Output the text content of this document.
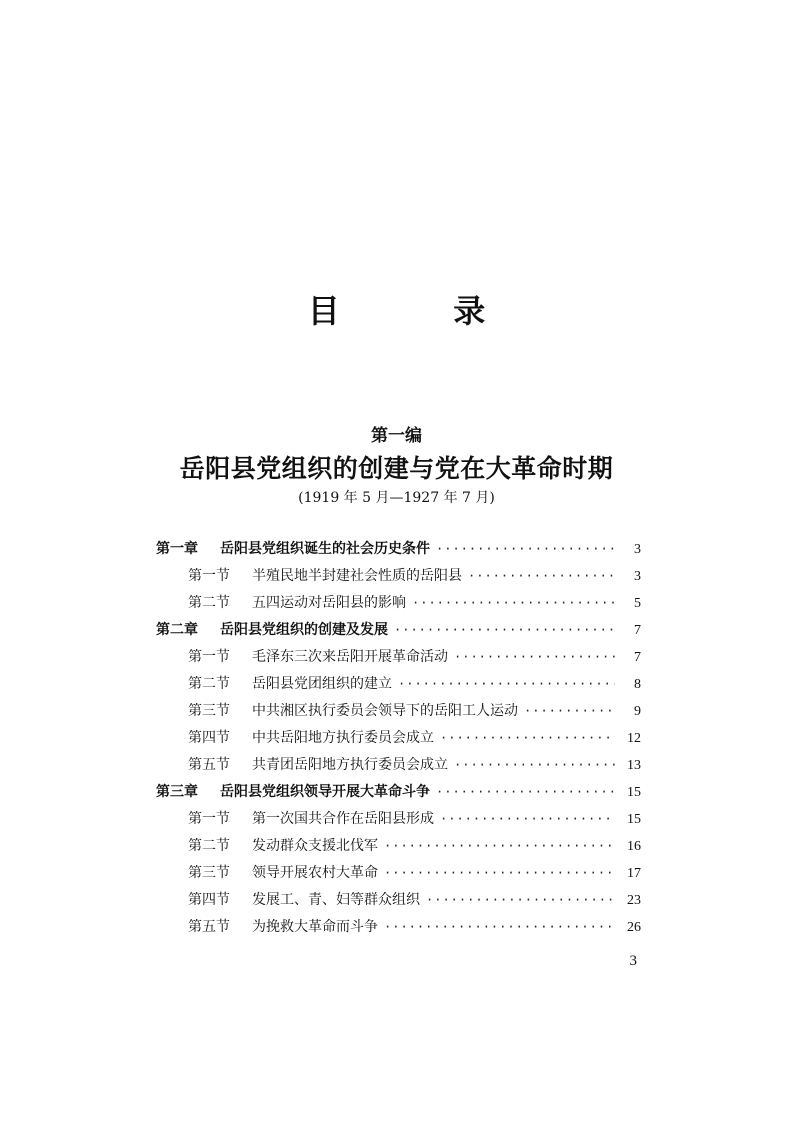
目 录
第一编
岳阳县党组织的创建与党在大革命时期
(1919 年 5 月—1927 年 7 月)
第一章	岳阳县党组织诞生的社会历史条件 ·····	3
第一节	半殖民地半封建社会性质的岳阳县 ·····	3
第二节	五四运动对岳阳县的影响 ·····	5
第二章	岳阳县党组织的创建及发展 ·····	7
第一节	毛泽东三次来岳阳开展革命活动 ·····	7
第二节	岳阳县党团组织的建立 ·····	8
第三节	中共湘区执行委员会领导下的岳阳工人运动 ·····	9
第四节	中共岳阳地方执行委员会成立 ·····	12
第五节	共青团岳阳地方执行委员会成立 ·····	13
第三章	岳阳县党组织领导开展大革命斗争 ·····	15
第一节	第一次国共合作在岳阳县形成 ·····	15
第二节	发动群众支援北伐军 ·····	16
第三节	领导开展农村大革命 ·····	17
第四节	发展工、青、妇等群众组织 ·····	23
第五节	为挽救大革命而斗争 ·····	26
3
